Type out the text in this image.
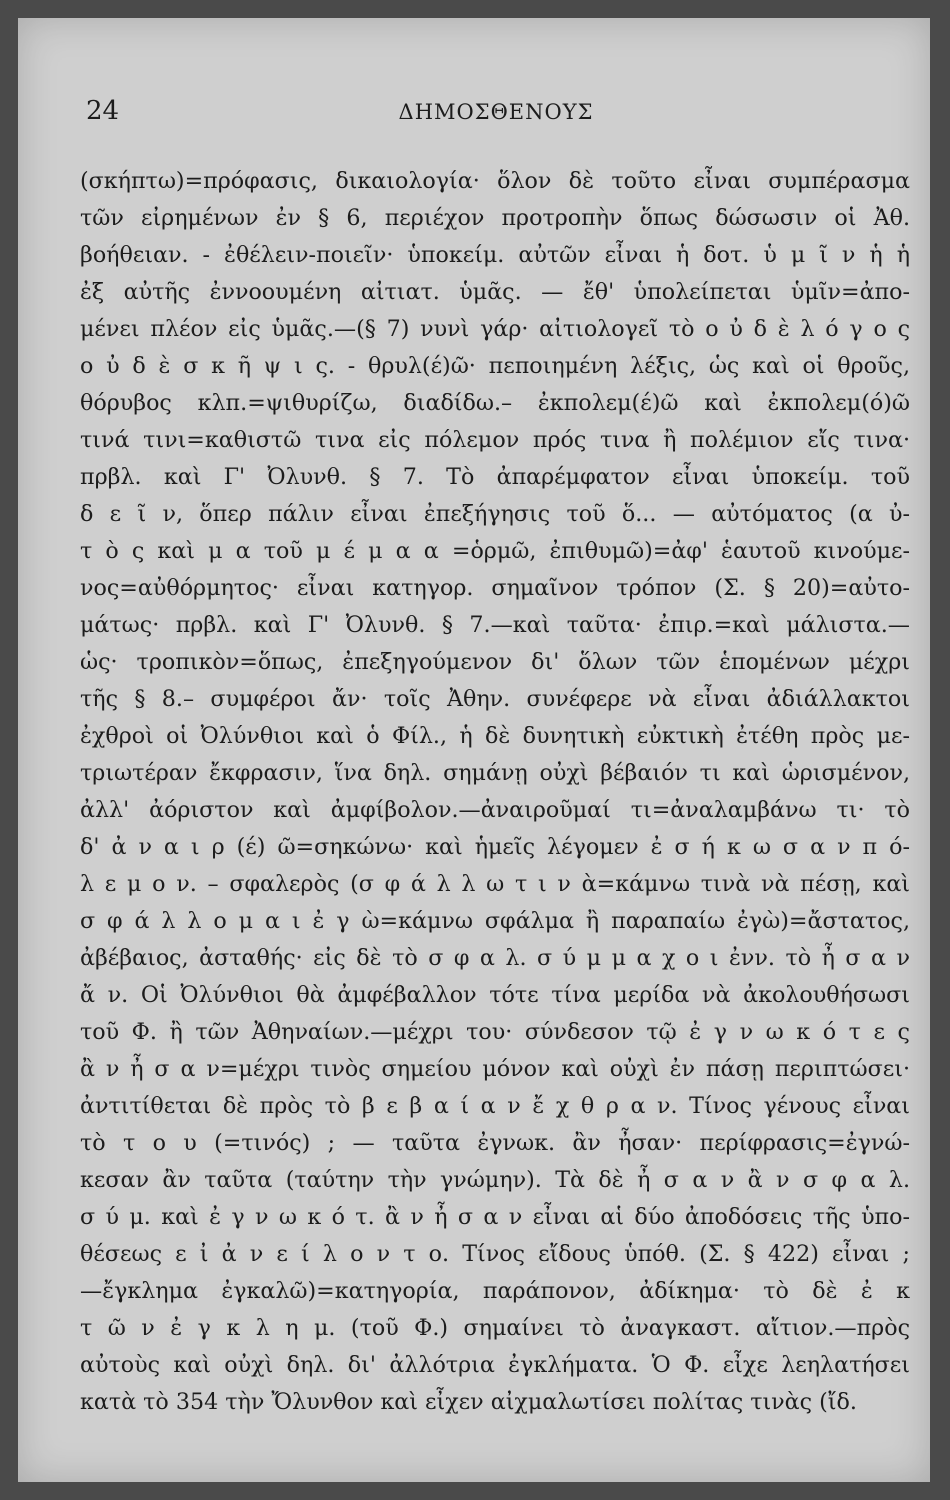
24	ΔΗΜΟΣΘΕΝΟΥΣ
(σκήπτω)=πρόφασις, δικαιολογία· ὅλον δὲ τοῦτο εἶναι συμπέρασμα
τῶν εἰρημένων ἐν § 6, περιέχον προτροπὴν ὅπως δώσωσιν οἱ Ἀθ.
βοήθειαν. - ἐθέλειν-ποιεῖν· ὑποκείμ. αὐτῶν εἶναι ἡ δοτ. ὑ μ ῖ ν ἡ ἡ
ἐξ αὐτῆς ἐννοουμένη αἰτιατ. ὑμᾶς. — ἔθ' ὑπολείπεται ὑμῖν=ἀπο-
μένει πλέον εἰς ὑμᾶς.—(§ 7) νυνὶ γάρ· αἰτιολογεῖ τὸ ο ὐ δ ὲ λ ό γ ο ς
ο ὐ δ ὲ σ κ ῆ ψ ι ς. - θρυλ(έ)ῶ· πεποιημένη λέξις, ὡς καὶ οἱ θροῦς,
θόρυβος κλπ.=ψιθυρίζω, διαδίδω.– ἐκπολεμ(έ)ῶ καὶ ἐκπολεμ(ό)ῶ
τινά τινι=καθιστῶ τινα εἰς πόλεμον πρός τινα ἢ πολέμιον εἴς τινα·
πρβλ. καὶ Γ' Ὀλυνθ. § 7. Τὸ ἀπαρέμφατον εἶναι ὑποκείμ. τοῦ
δ ε ῖ ν, ὅπερ πάλιν εἶναι ἐπεξήγησις τοῦ ὅ... — αὐτόματος (α ὐ-
τ ὸ ς καὶ μ α τοῦ μ έ μ α α =ὁρμῶ, ἐπιθυμῶ)=ἀφ' ἑαυτοῦ κινούμε-
νος=αὐθόρμητος· εἶναι κατηγορ. σημαῖνον τρόπον (Σ. § 20)=αὐτο-
μάτως· πρβλ. καὶ Γ' Ὀλυνθ. § 7.—καὶ ταῦτα· ἐπιρ.=καὶ μάλιστα.—
ὡς· τροπικὸν=ὅπως, ἐπεξηγούμενον δι' ὅλων τῶν ἑπομένων μέχρι
τῆς § 8.– συμφέροι ἄν· τοῖς Ἀθην. συνέφερε νὰ εἶναι ἀδιάλλακτοι
ἐχθροὶ οἱ Ὀλύνθιοι καὶ ὁ Φίλ., ἡ δὲ δυνητικὴ εὐκτικὴ ἐτέθη πρὸς με-
τριωτέραν ἔκφρασιν, ἵνα δηλ. σημάνῃ οὐχὶ βέβαιόν τι καὶ ὡρισμένον,
ἀλλ' ἀόριστον καὶ ἀμφίβολον.—ἀναιροῦμαί τι=ἀναλαμβάνω τι· τὸ
δ' ἀ ν α ι ρ (έ) ῶ=σηκώνω· καὶ ἡμεῖς λέγομεν ἐ σ ή κ ω σ α ν π ό-
λ ε μ ο ν. – σφαλερὸς (σ φ ά λ λ ω τ ι ν ὰ=κάμνω τινὰ νὰ πέσῃ, καὶ
σ φ ά λ λ ο μ α ι ἐ γ ὼ=κάμνω σφάλμα ἢ παραπαίω ἐγὼ)=ἄστατος,
ἀβέβαιος, ἀσταθής· εἰς δὲ τὸ σ φ α λ. σ ύ μ μ α χ ο ι ἐνν. τὸ ἦ σ α ν
ἄ ν. Οἱ Ὀλύνθιοι θὰ ἀμφέβαλλον τότε τίνα μερίδα νὰ ἀκολουθήσωσι
τοῦ Φ. ἢ τῶν Ἀθηναίων.—μέχρι του· σύνδεσον τῷ ἐ γ ν ω κ ό τ ε ς
ἂ ν ἦ σ α ν=μέχρι τινὸς σημείου μόνον καὶ οὐχὶ ἐν πάσῃ περιπτώσει·
ἀντιτίθεται δὲ πρὸς τὸ β ε β α ί α ν ἔ χ θ ρ α ν. Τίνος γένους εἶναι
τὸ τ ο υ (=τινός) ; — ταῦτα ἐγνωκ. ἂν ἦσαν· περίφρασις=ἐγνώ-
κεσαν ἂν ταῦτα (ταύτην τὴν γνώμην). Τὰ δὲ ἦ σ α ν ἂ ν σ φ α λ.
σ ύ μ. καὶ ἐ γ ν ω κ ό τ. ἂ ν ἦ σ α ν εἶναι αἱ δύο ἀποδόσεις τῆς ὑπο-
θέσεως ε ἰ ἀ ν ε ί λ ο ν τ ο. Τίνος εἴδους ὑπόθ. (Σ. § 422) εἶναι ;
—ἔγκλημα ἐγκαλῶ)=κατηγορία, παράπονον, ἀδίκημα· τὸ δὲ ἐ κ
τ ῶ ν ἐ γ κ λ η μ. (τοῦ Φ.) σημαίνει τὸ ἀναγκαστ. αἴτιον.—πρὸς
αὐτοὺς καὶ οὐχὶ δηλ. δι' ἀλλότρια ἐγκλήματα. Ὁ Φ. εἶχε λεηλατήσει
κατὰ τὸ 354 τὴν Ὄλυνθον καὶ εἶχεν αἰχμαλωτίσει πολίτας τινὰς (ἴδ.
